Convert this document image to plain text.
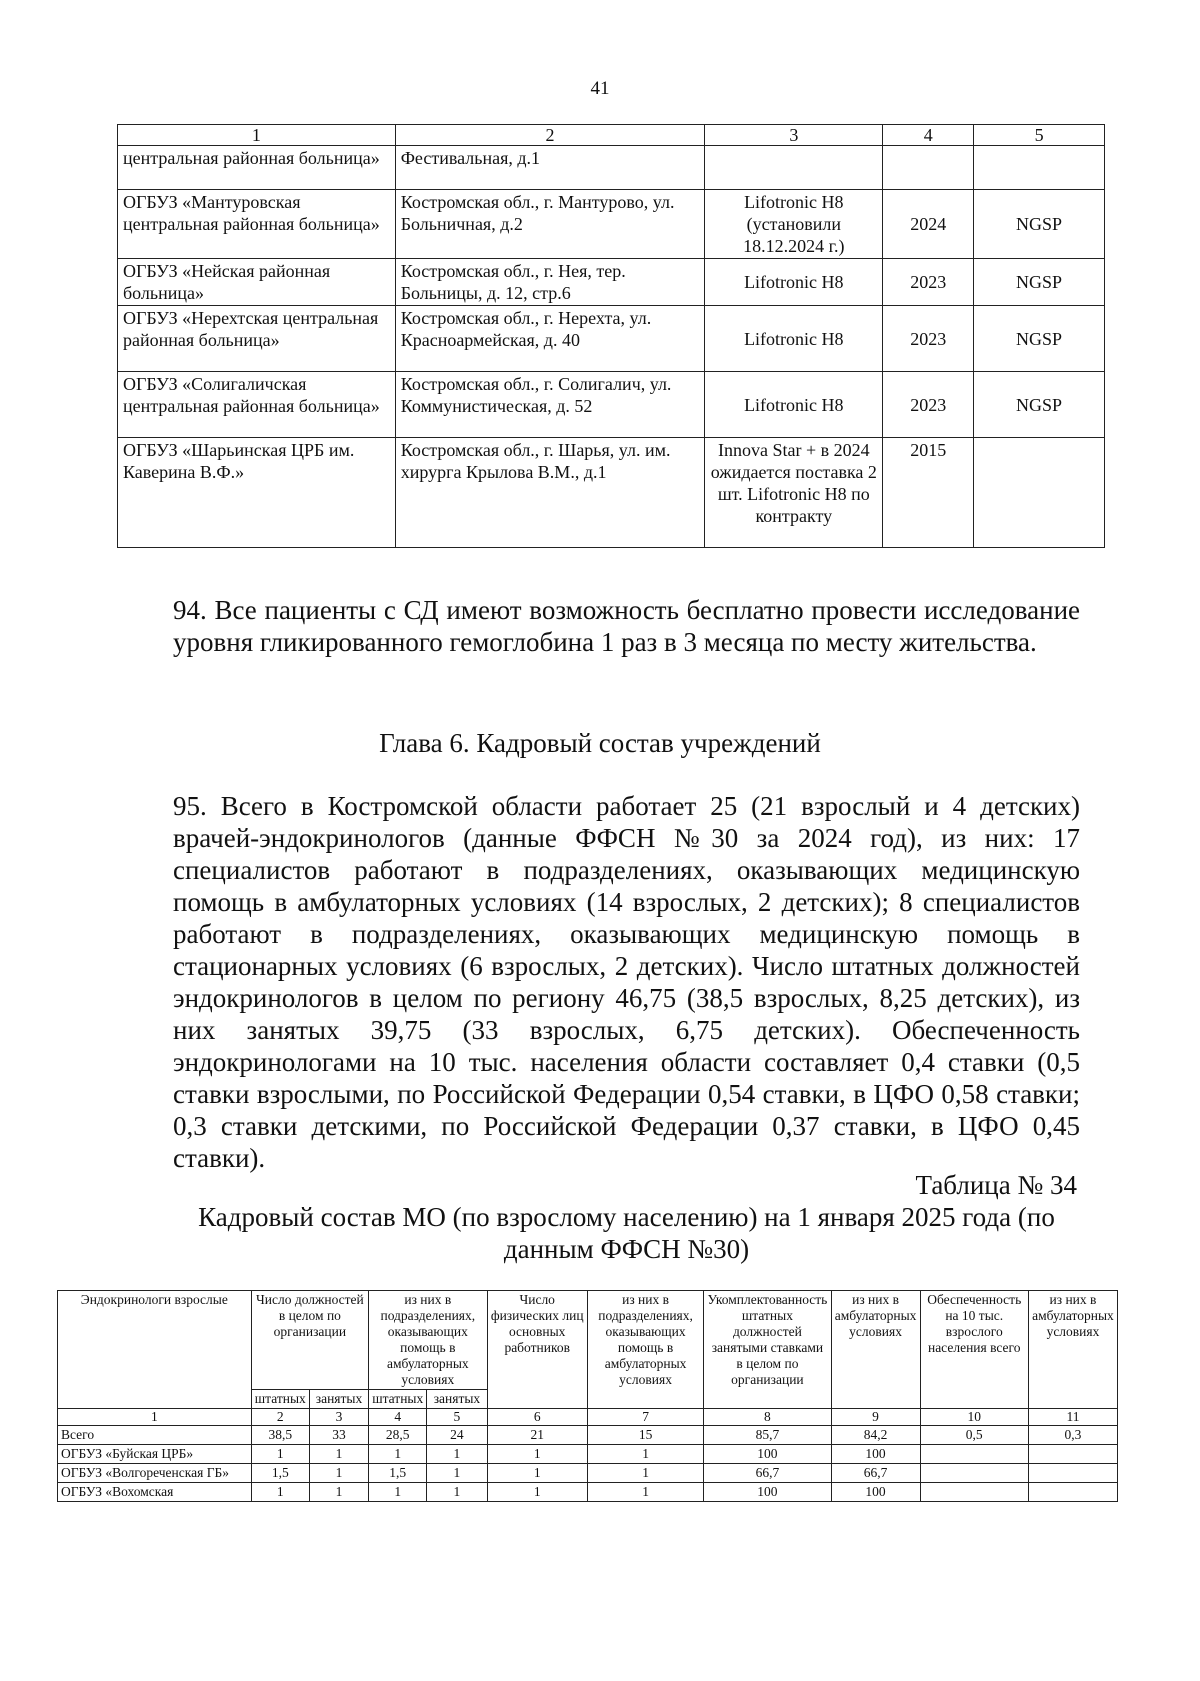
41
1	2	3	4	5
центральная районная больница»	Фестивальная, д.1			
ОГБУЗ «Мантуровская центральная районная больница»	Костромская обл., г. Мантурово, ул. Больничная, д.2	Lifotronic H8 (установили 18.12.2024 г.)	2024	NGSP
ОГБУЗ «Нейская районная больница»	Костромская обл., г. Нея, тер. Больницы, д. 12, стр.6	Lifotronic H8	2023	NGSP
ОГБУЗ «Нерехтская центральная районная больница»	Костромская обл., г. Нерехта, ул. Красноармейская, д. 40	Lifotronic H8	2023	NGSP
ОГБУЗ «Солигаличская центральная районная больница»	Костромская обл., г. Солигалич, ул. Коммунистическая, д. 52	Lifotronic H8	2023	NGSP
ОГБУЗ «Шарьинская ЦРБ им. Каверина В.Ф.»	Костромская обл., г. Шарья, ул. им. хирурга Крылова В.М., д.1	Innova Star + в 2024 ожидается поставка 2 шт. Lifotronic H8 по контракту	2015	
94. Все пациенты с СД имеют возможность бесплатно провести исследование уровня гликированного гемоглобина 1 раз в 3 месяца по месту жительства.
Глава 6. Кадровый состав учреждений
95. Всего в Костромской области работает 25 (21 взрослый и 4 детских) врачей-эндокринологов (данные ФФСН №30 за 2024 год), из них: 17 специалистов работают в подразделениях, оказывающих медицинскую помощь в амбулаторных условиях (14 взрослых, 2 детских); 8 специалистов работают в подразделениях, оказывающих медицинскую помощь в стационарных условиях (6 взрослых, 2 детских). Число штатных должностей эндокринологов в целом по региону 46,75 (38,5 взрослых, 8,25 детских), из них занятых 39,75 (33 взрослых, 6,75 детских). Обеспеченность эндокринологами на 10 тыс. населения области составляет 0,4 ставки (0,5 ставки взрослыми, по Российской Федерации 0,54 ставки, в ЦФО 0,58 ставки; 0,3 ставки детскими, по Российской Федерации 0,37 ставки, в ЦФО 0,45 ставки).
Таблица № 34
Кадровый состав МО (по взрослому населению) на 1 января 2025 года (по данным ФФСН №30)
Эндокринологи взрослые	Число должностей в целом по организации		из них в подразделениях, оказывающих помощь в амбулаторных условиях		Число физических лиц основных работников	из них в подразделениях, оказывающих помощь в амбулаторных условиях	Укомплектованность штатных должностей занятыми ставками в целом по организации	из них в амбулаторных условиях	Обеспеченность на 10 тыс. взрослого населения всего	из них в амбулаторных условиях
	штатных	занятых	штатных	занятых						
1	2	3	4	5	6	7	8	9	10	11
Всего	38,5	33	28,5	24	21	15	85,7	84,2	0,5	0,3
ОГБУЗ «Буйская ЦРБ»	1	1	1	1	1	1	100	100		
ОГБУЗ «Волгореченская ГБ»	1,5	1	1,5	1	1	1	66,7	66,7		
ОГБУЗ «Вохомская	1	1	1	1	1	1	100	100		
